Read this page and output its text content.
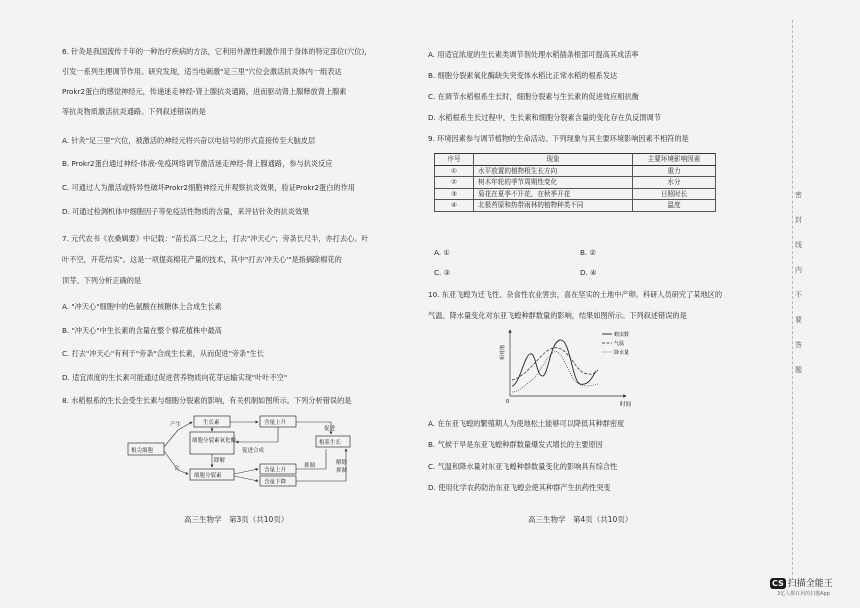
6. 针灸是我国流传千年的一种治疗疾病的方法，它利用外源性刺激作用于身体的特定部位(穴位)，
引发一系列生理调节作用。研究发现，适当电刺激"足三里"穴位会激活抗炎体内一组表达
Prokr2蛋白的感觉神经元，传递迷走神经-肾上腺抗炎通路，进而驱动肾上腺释放肾上腺素
等抗炎物质激活抗炎通路。下列叙述错误的是
A. 针灸"足三里"穴位，被激活的神经元将兴奋以电信号的形式直接传至大脑皮层
B. Prokr2蛋白通过神经-体液-免疫网络调节激活迷走神经-肾上腺通路，参与抗炎反应
C. 可通过人为激活或特异性破坏Prokr2细胞神经元并观察抗炎效果，验证Prokr2蛋白的作用
D. 可通过检测机体中细胞因子等免疫活性物质的含量，来评估针灸的抗炎效果
7. 元代农书《农桑辑要》中记载："苗长高二尺之上，打去"冲天心"；旁条长尺半，亦打去心。叶
叶不空，开花结实"。这是一项提高棉花产量的技术，其中"打去'冲天心'"是指摘除棉花的
顶芽。下列分析正确的是
A. "冲天心"细胞中的色氨酸在核糖体上合成生长素
B. "冲天心"中生长素的含量在整个棉花植株中最高
C. 打去"冲天心"有利于"旁条"合成生长素，从而促进"旁条"生长
D. 适宜浓度的生长素可能通过促进营养物质向花芽运输实现"叶叶不空"
8. 水稻根系的生长会受生长素与细胞分裂素的影响，有关机制如图所示。下列分析错误的是
根尖细胞
生长素
细胞分裂素氧化酶
细胞分裂素
含量上升
含量上升
含量下降
根系生长
产生
合
降解
促进合成
促进
抑制	解除
抑制
高三生物学　第3页（共10页）
A. 用适宜浓度的生长素类调节剂处理水稻插条根部可提高其成活率
B. 细胞分裂素氧化酶缺失突变体水稻比正常水稻的根系发达
C. 在调节水稻根系生长时，细胞分裂素与生长素的促进效应相抗衡
D. 水稻根系生长过程中，生长素和细胞分裂素含量的变化存在负反馈调节
9. 环境因素参与调节植物的生命活动。下列现象与其主要环境影响因素不相符的是
序号	现象	主要环境影响因素
①	水平放置的植物根生长方向	重力
②	树木年轮的季节周期性变化	水分
③	菊花在夏季不开花，在秋季开花	日照时长
④	北极苔原和热带雨林的植物种类不同	温度
A. ①	B. ②
C. ③	D. ④
10. 东亚飞蝗为迁飞性、杂食性农业害虫，喜在坚实的土地中产卵。科研人员研究了某地区的
气温、降水量变化对东亚飞蝗种群数量的影响，结果如图所示。下列叙述错误的是
相对值
时间
0
蝗虫数
气温
降水量
A. 在东亚飞蝗的繁殖期人为使地松土能够可以降低其种群密度
B. 气候干旱是东亚飞蝗种群数量爆发式增长的主要原因
C. 气温和降水量对东亚飞蝗种群数量变化的影响具有综合性
D. 使用化学农药防治东亚飞蝗会使其种群产生抗药性突变
高三生物学　第4页（共10页）
密
封
线
内
不
要
答
题
CS 扫描全能王
3亿人都在用的扫描App
